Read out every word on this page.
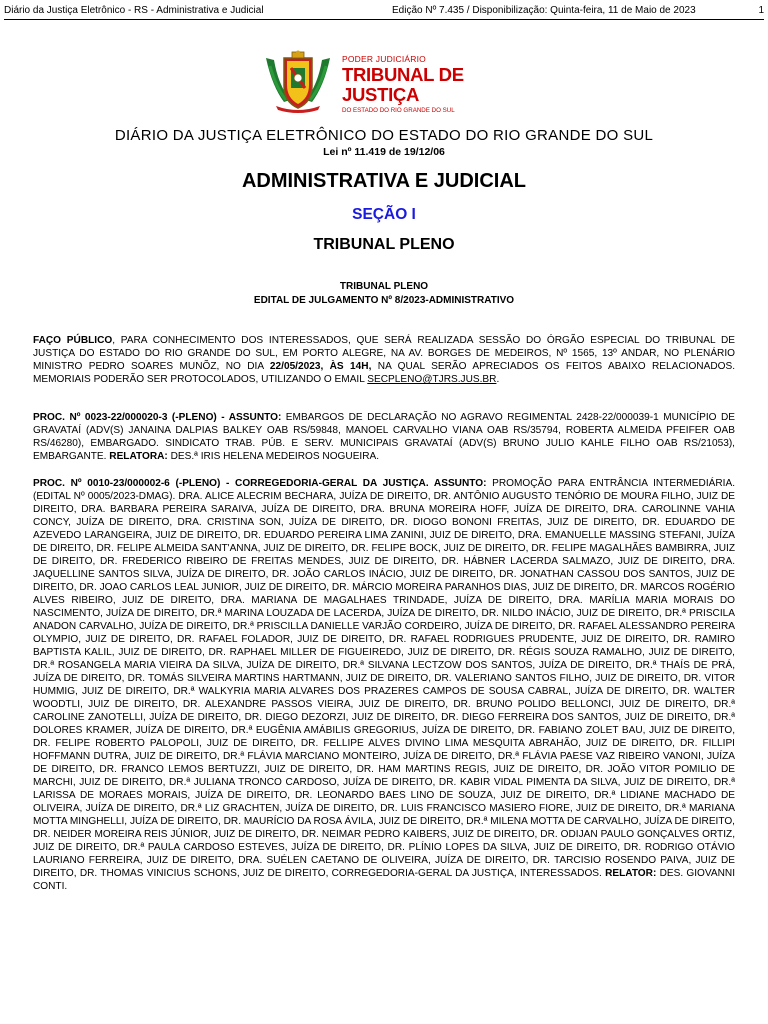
Diário da Justiça Eletrônico - RS - Administrativa e Judicial	Edição Nº 7.435 / Disponibilização: Quinta-feira, 11 de Maio de 2023	1
PODER JUDICIÁRIO
TRIBUNAL DE JUSTIÇA
DO ESTADO DO RIO GRANDE DO SUL
DIÁRIO DA JUSTIÇA ELETRÔNICO DO ESTADO DO RIO GRANDE DO SUL
Lei nº 11.419 de 19/12/06
ADMINISTRATIVA E JUDICIAL
SEÇÃO I
TRIBUNAL PLENO
TRIBUNAL PLENO
EDITAL DE JULGAMENTO Nº 8/2023-ADMINISTRATIVO
FAÇO PÚBLICO, PARA CONHECIMENTO DOS INTERESSADOS, QUE SERÁ REALIZADA SESSÃO DO ÓRGÃO ESPECIAL DO TRIBUNAL DE JUSTIÇA DO ESTADO DO RIO GRANDE DO SUL, EM PORTO ALEGRE, NA AV. BORGES DE MEDEIROS, Nº 1565, 13º ANDAR, NO PLENÁRIO MINISTRO PEDRO SOARES MUNÕZ, NO DIA 22/05/2023, ÀS 14H, NA QUAL SERÃO APRECIADOS OS FEITOS ABAIXO RELACIONADOS. MEMORIAIS PODERÃO SER PROTOCOLADOS, UTILIZANDO O EMAIL SECPLENO@TJRS.JUS.BR.
PROC. Nº 0023-22/000020-3 (-PLENO) - ASSUNTO: EMBARGOS DE DECLARAÇÃO NO AGRAVO REGIMENTAL 2428-22/000039-1 MUNICÍPIO DE GRAVATAÍ (ADV(S) JANAINA DALPIAS BALKEY OAB RS/59848, MANOEL CARVALHO VIANA OAB RS/35794, ROBERTA ALMEIDA PFEIFER OAB RS/46280), EMBARGADO. SINDICATO TRAB. PÚB. E SERV. MUNICIPAIS GRAVATAÍ (ADV(S) BRUNO JULIO KAHLE FILHO OAB RS/21053), EMBARGANTE. RELATORA: DES.ª IRIS HELENA MEDEIROS NOGUEIRA.
PROC. Nº 0010-23/000002-6 (-PLENO) - CORREGEDORIA-GERAL DA JUSTIÇA. ASSUNTO: PROMOÇÃO PARA ENTRÂNCIA INTERMEDIÁRIA. (EDITAL Nº 0005/2023-DMAG). DRA. ALICE ALECRIM BECHARA, JUÍZA DE DIREITO, DR. ANTÔNIO AUGUSTO TENÓRIO DE MOURA FILHO, JUIZ DE DIREITO, DRA. BARBARA PEREIRA SARAIVA, JUÍZA DE DIREITO, DRA. BRUNA MOREIRA HOFF, JUÍZA DE DIREITO, DRA. CAROLINNE VAHIA CONCY, JUÍZA DE DIREITO, DRA. CRISTINA SON, JUÍZA DE DIREITO, DR. DIOGO BONONI FREITAS, JUIZ DE DIREITO, DR. EDUARDO DE AZEVEDO LARANGEIRA, JUIZ DE DIREITO, DR. EDUARDO PEREIRA LIMA ZANINI, JUIZ DE DIREITO, DRA. EMANUELLE MASSING STEFANI, JUÍZA DE DIREITO, DR. FELIPE ALMEIDA SANT'ANNA, JUIZ DE DIREITO, DR. FELIPE BOCK, JUIZ DE DIREITO, DR. FELIPE MAGALHÃES BAMBIRRA, JUIZ DE DIREITO, DR. FREDERICO RIBEIRO DE FREITAS MENDES, JUIZ DE DIREITO, DR. HÁBNER LACERDA SALMAZO, JUIZ DE DIREITO, DRA. JAQUELLINE SANTOS SILVA, JUÍZA DE DIREITO, DR. JOÃO CARLOS INÁCIO, JUIZ DE DIREITO, DR. JONATHAN CASSOU DOS SANTOS, JUIZ DE DIREITO, DR. JOAO CARLOS LEAL JUNIOR, JUIZ DE DIREITO, DR. MÁRCIO MOREIRA PARANHOS DIAS, JUIZ DE DIREITO, DR. MARCOS ROGÉRIO ALVES RIBEIRO, JUIZ DE DIREITO, DRA. MARIANA DE MAGALHAES TRINDADE, JUÍZA DE DIREITO, DRA. MARÍLIA MARIA MORAIS DO NASCIMENTO, JUÍZA DE DIREITO, DR.ª MARINA LOUZADA DE LACERDA, JUÍZA DE DIREITO, DR. NILDO INÁCIO, JUIZ DE DIREITO, DR.ª PRISCILA ANADON CARVALHO, JUÍZA DE DIREITO, DR.ª PRISCILLA DANIELLE VARJÃO CORDEIRO, JUÍZA DE DIREITO, DR. RAFAEL ALESSANDRO PEREIRA OLYMPIO, JUIZ DE DIREITO, DR. RAFAEL FOLADOR, JUIZ DE DIREITO, DR. RAFAEL RODRIGUES PRUDENTE, JUIZ DE DIREITO, DR. RAMIRO BAPTISTA KALIL, JUIZ DE DIREITO, DR. RAPHAEL MILLER DE FIGUEIREDO, JUIZ DE DIREITO, DR. RÉGIS SOUZA RAMALHO, JUIZ DE DIREITO, DR.ª ROSANGELA MARIA VIEIRA DA SILVA, JUÍZA DE DIREITO, DR.ª SILVANA LECTZOW DOS SANTOS, JUÍZA DE DIREITO, DR.ª THAÍS DE PRÁ, JUÍZA DE DIREITO, DR. TOMÁS SILVEIRA MARTINS HARTMANN, JUIZ DE DIREITO, DR. VALERIANO SANTOS FILHO, JUIZ DE DIREITO, DR. VITOR HUMMIG, JUIZ DE DIREITO, DR.ª WALKYRIA MARIA ALVARES DOS PRAZERES CAMPOS DE SOUSA CABRAL, JUÍZA DE DIREITO, DR. WALTER WOODTLI, JUIZ DE DIREITO, DR. ALEXANDRE PASSOS VIEIRA, JUIZ DE DIREITO, DR. BRUNO POLIDO BELLONCI, JUIZ DE DIREITO, DR.ª CAROLINE ZANOTELLI, JUÍZA DE DIREITO, DR. DIEGO DEZORZI, JUIZ DE DIREITO, DR. DIEGO FERREIRA DOS SANTOS, JUIZ DE DIREITO, DR.ª DOLORES KRAMER, JUÍZA DE DIREITO, DR.ª EUGÊNIA AMÁBILIS GREGORIUS, JUÍZA DE DIREITO, DR. FABIANO ZOLET BAU, JUIZ DE DIREITO, DR. FELIPE ROBERTO PALOPOLI, JUIZ DE DIREITO, DR. FELLIPE ALVES DIVINO LIMA MESQUITA ABRAHÃO, JUIZ DE DIREITO, DR. FILLIPI HOFFMANN DUTRA, JUIZ DE DIREITO, DR.ª FLÁVIA MARCIANO MONTEIRO, JUÍZA DE DIREITO, DR.ª FLÁVIA PAESE VAZ RIBEIRO VANONI, JUÍZA DE DIREITO, DR. FRANCO LEMOS BERTUZZI, JUIZ DE DIREITO, DR. HAM MARTINS REGIS, JUIZ DE DIREITO, DR. JOÃO VITOR POMILIO DE MARCHI, JUIZ DE DIREITO, DR.ª JULIANA TRONCO CARDOSO, JUÍZA DE DIREITO, DR. KABIR VIDAL PIMENTA DA SILVA, JUIZ DE DIREITO, DR.ª LARISSA DE MORAES MORAIS, JUÍZA DE DIREITO, DR. LEONARDO BAES LINO DE SOUZA, JUIZ DE DIREITO, DR.ª LIDIANE MACHADO DE OLIVEIRA, JUÍZA DE DIREITO, DR.ª LIZ GRACHTEN, JUÍZA DE DIREITO, DR. LUIS FRANCISCO MASIERO FIORE, JUIZ DE DIREITO, DR.ª MARIANA MOTTA MINGHELLI, JUÍZA DE DIREITO, DR. MAURÍCIO DA ROSA ÁVILA, JUIZ DE DIREITO, DR.ª MILENA MOTTA DE CARVALHO, JUÍZA DE DIREITO, DR. NEIDER MOREIRA REIS JÚNIOR, JUIZ DE DIREITO, DR. NEIMAR PEDRO KAIBERS, JUIZ DE DIREITO, DR. ODIJAN PAULO GONÇALVES ORTIZ, JUIZ DE DIREITO, DR.ª PAULA CARDOSO ESTEVES, JUÍZA DE DIREITO, DR. PLÍNIO LOPES DA SILVA, JUIZ DE DIREITO, DR. RODRIGO OTÁVIO LAURIANO FERREIRA, JUIZ DE DIREITO, DRA. SUÉLEN CAETANO DE OLIVEIRA, JUÍZA DE DIREITO, DR. TARCISIO ROSENDO PAIVA, JUIZ DE DIREITO, DR. THOMAS VINICIUS SCHONS, JUIZ DE DIREITO, CORREGEDORIA-GERAL DA JUSTIÇA, INTERESSADOS. RELATOR: DES. GIOVANNI CONTI.
